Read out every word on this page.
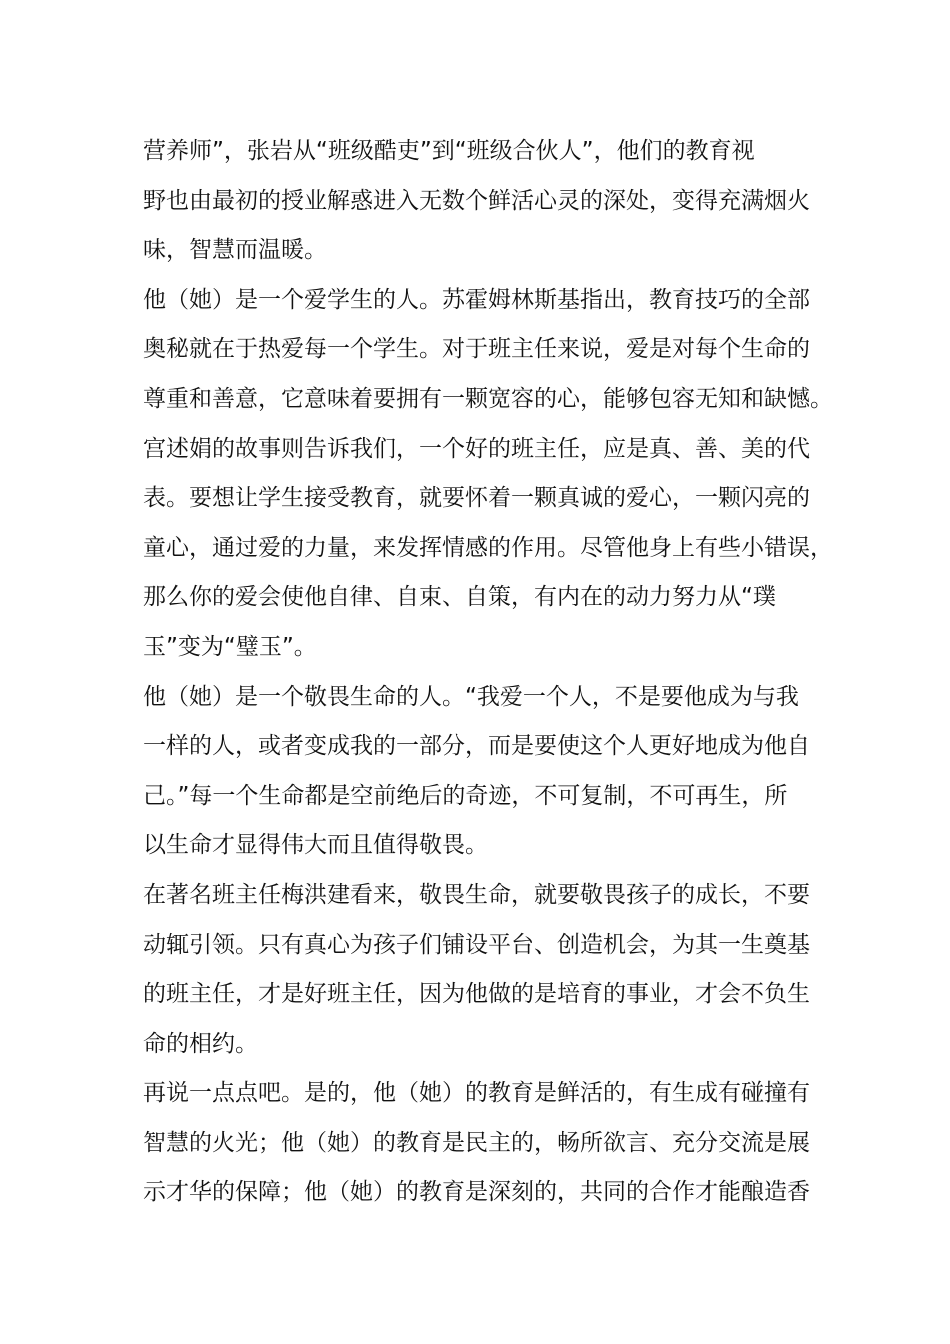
营养师”，张岩从“班级酷吏”到“班级合伙人”，他们的教育视
野也由最初的授业解惑进入无数个鲜活心灵的深处，变得充满烟火
味，智慧而温暖。
他（她）是一个爱学生的人。苏霍姆林斯基指出，教育技巧的全部
奥秘就在于热爱每一个学生。对于班主任来说，爱是对每个生命的
尊重和善意，它意味着要拥有一颗宽容的心，能够包容无知和缺憾。
宫述娟的故事则告诉我们，一个好的班主任，应是真、善、美的代
表。要想让学生接受教育，就要怀着一颗真诚的爱心，一颗闪亮的
童心，通过爱的力量，来发挥情感的作用。尽管他身上有些小错误，
那么你的爱会使他自律、自束、自策，有内在的动力努力从“璞
玉”变为“璧玉”。
他（她）是一个敬畏生命的人。“我爱一个人，不是要他成为与我
一样的人，或者变成我的一部分，而是要使这个人更好地成为他自
己。”每一个生命都是空前绝后的奇迹，不可复制，不可再生，所
以生命才显得伟大而且值得敬畏。
在著名班主任梅洪建看来，敬畏生命，就要敬畏孩子的成长，不要
动辄引领。只有真心为孩子们铺设平台、创造机会，为其一生奠基
的班主任，才是好班主任，因为他做的是培育的事业，才会不负生
命的相约。
再说一点点吧。是的，他（她）的教育是鲜活的，有生成有碰撞有
智慧的火光；他（她）的教育是民主的，畅所欲言、充分交流是展
示才华的保障；他（她）的教育是深刻的，共同的合作才能酿造香
